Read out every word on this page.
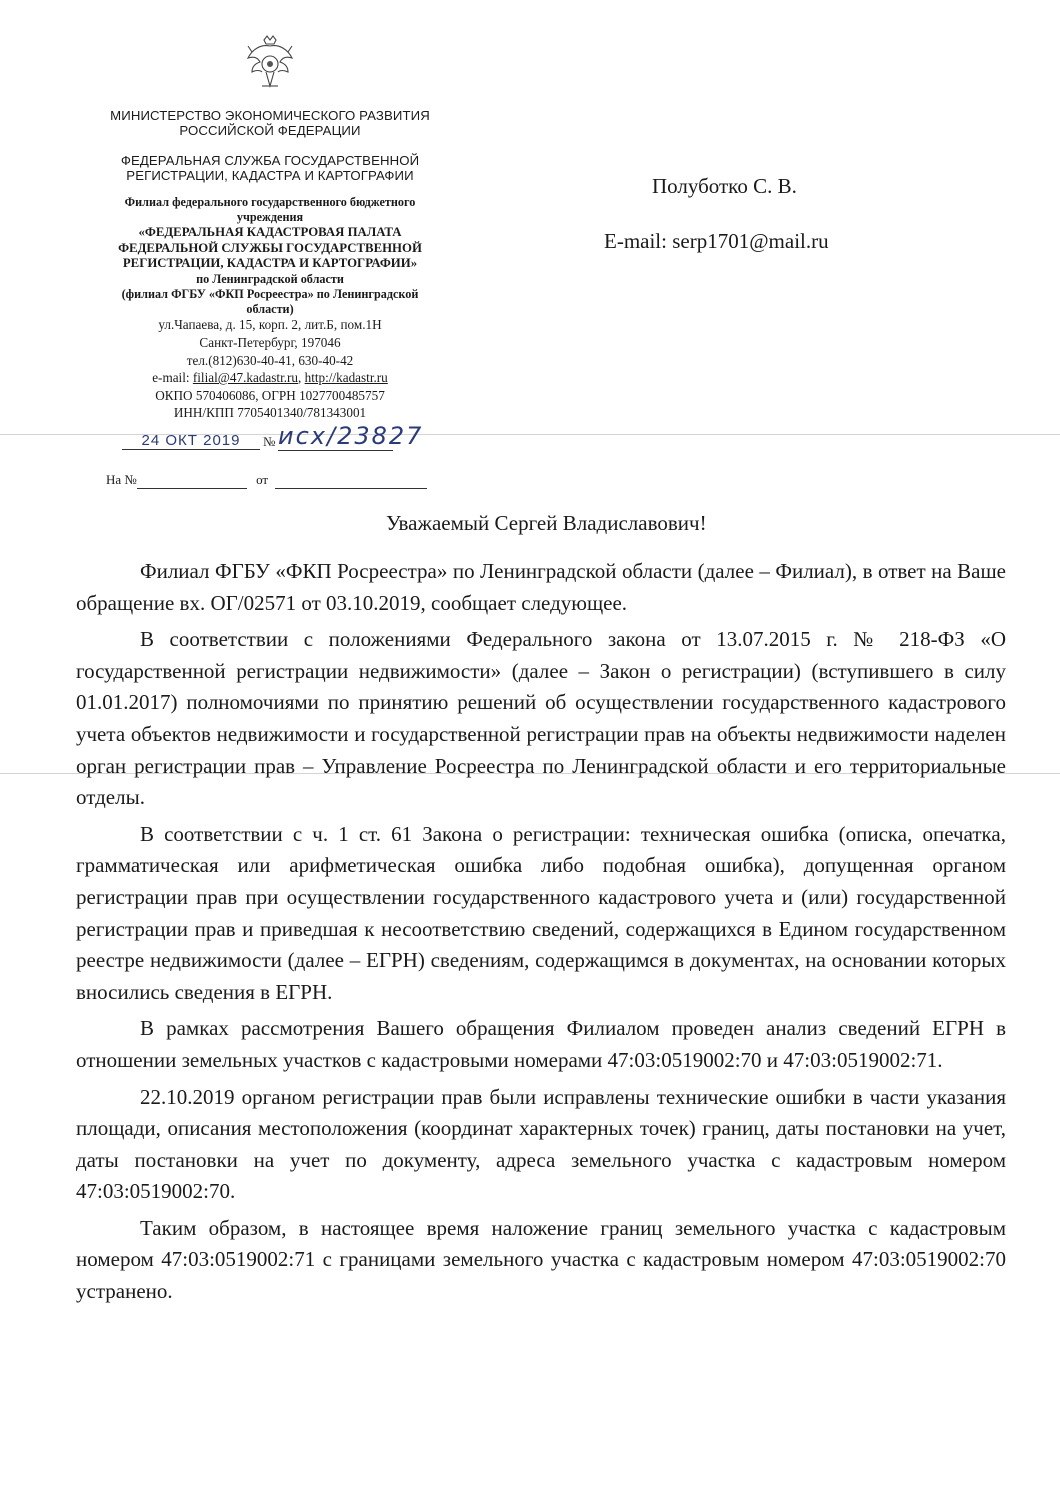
МИНИСТЕРСТВО ЭКОНОМИЧЕСКОГО РАЗВИТИЯ
РОССИЙСКОЙ ФЕДЕРАЦИИ
ФЕДЕРАЛЬНАЯ СЛУЖБА ГОСУДАРСТВЕННОЙ
РЕГИСТРАЦИИ, КАДАСТРА И КАРТОГРАФИИ
Филиал федерального государственного бюджетного
учреждения
«ФЕДЕРАЛЬНАЯ КАДАСТРОВАЯ ПАЛАТА
ФЕДЕРАЛЬНОЙ СЛУЖБЫ ГОСУДАРСТВЕННОЙ
РЕГИСТРАЦИИ, КАДАСТРА И КАРТОГРАФИИ»
по Ленинградской области
(филиал ФГБУ «ФКП Росреестра» по Ленинградской
области)
ул.Чапаева, д. 15, корп. 2, лит.Б, пом.1Н
Санкт-Петербург, 197046
тел.(812)630-40-41, 630-40-42
e-mail: filial@47.kadastr.ru, http://kadastr.ru
ОКПО 570406086, ОГРН 1027700485757
ИНН/КПП 7705401340/781343001
24 ОКТ 2019	№ исх/23827
На №	от
Полуботко С. В.
E-mail: serp1701@mail.ru
Уважаемый Сергей Владиславович!

Филиал ФГБУ «ФКП Росреестра» по Ленинградской области (далее – Филиал), в ответ на Ваше обращение вх. ОГ/02571 от 03.10.2019, сообщает следующее.

В соответствии с положениями Федерального закона от 13.07.2015 г. № 218-ФЗ «О государственной регистрации недвижимости» (далее – Закон о регистрации) (вступившего в силу 01.01.2017) полномочиями по принятию решений об осуществлении государственного кадастрового учета объектов недвижимости и государственной регистрации прав на объекты недвижимости наделен орган регистрации прав – Управление Росреестра по Ленинградской области и его территориальные отделы.

В соответствии с ч. 1 ст. 61 Закона о регистрации: техническая ошибка (описка, опечатка, грамматическая или арифметическая ошибка либо подобная ошибка), допущенная органом регистрации прав при осуществлении государственного кадастрового учета и (или) государственной регистрации прав и приведшая к несоответствию сведений, содержащихся в Едином государственном реестре недвижимости (далее – ЕГРН) сведениям, содержащимся в документах, на основании которых вносились сведения в ЕГРН.

В рамках рассмотрения Вашего обращения Филиалом проведен анализ сведений ЕГРН в отношении земельных участков с кадастровыми номерами 47:03:0519002:70 и 47:03:0519002:71.

22.10.2019 органом регистрации прав были исправлены технические ошибки в части указания площади, описания местоположения (координат характерных точек) границ, даты постановки на учет, даты постановки на учет по документу, адреса земельного участка с кадастровым номером 47:03:0519002:70.

Таким образом, в настоящее время наложение границ земельного участка с кадастровым номером 47:03:0519002:71 с границами земельного участка с кадастровым номером 47:03:0519002:70 устранено.
